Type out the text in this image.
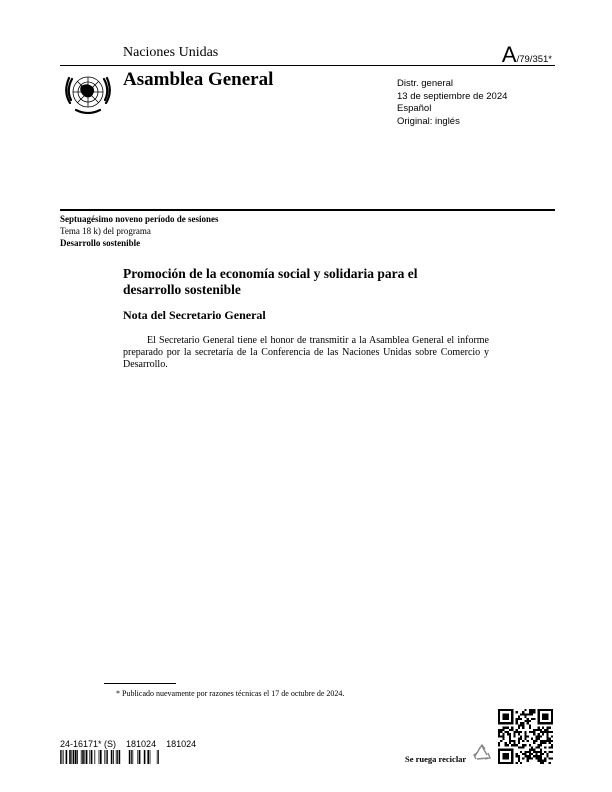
Naciones Unidas	A/79/351*
Asamblea General	Distr. general
13 de septiembre de 2024
Español
Original: inglés
Septuagésimo noveno período de sesiones
Tema 18 k) del programa
Desarrollo sostenible
Promoción de la economía social y solidaria para el desarrollo sostenible
Nota del Secretario General
El Secretario General tiene el honor de transmitir a la Asamblea General el informe preparado por la secretaría de la Conferencia de las Naciones Unidas sobre Comercio y Desarrollo.
* Publicado nuevamente por razones técnicas el 17 de octubre de 2024.
24-16171* (S)    181024    181024
Se ruega reciclar
